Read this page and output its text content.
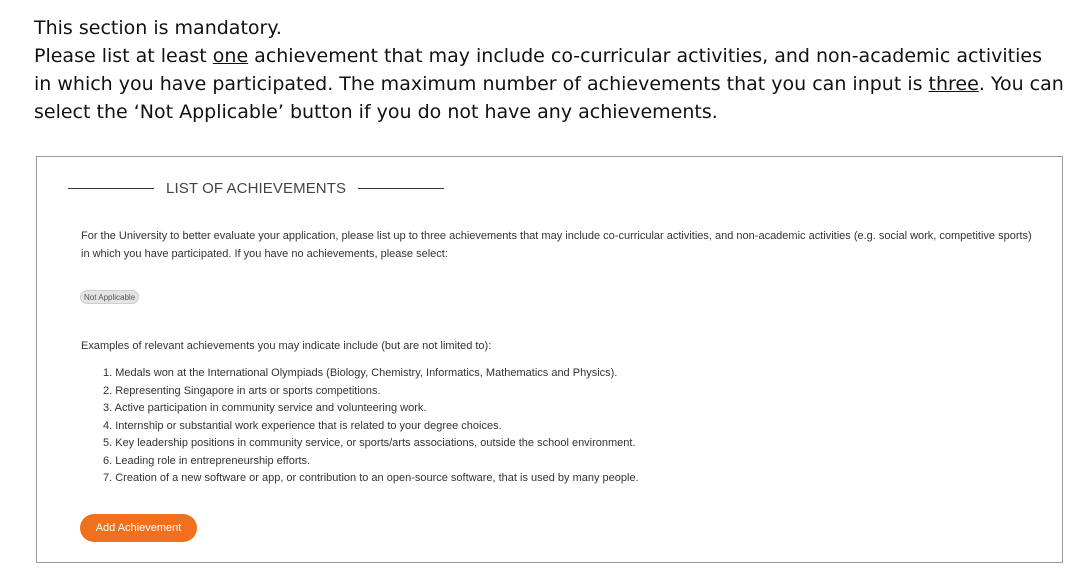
This section is mandatory.

Please list at least one achievement that may include co-curricular activities, and non-academic activities in which you have participated. The maximum number of achievements that you can input is three. You can select the ‘Not Applicable’ button if you do not have any achievements.

LIST OF ACHIEVEMENTS
For the University to better evaluate your application, please list up to three achievements that may include co-curricular activities, and non-academic activities (e.g. social work, competitive sports) in which you have participated. If you have no achievements, please select:
Not Applicable
Examples of relevant achievements you may indicate include (but are not limited to):
1. Medals won at the International Olympiads (Biology, Chemistry, Informatics, Mathematics and Physics).
2. Representing Singapore in arts or sports competitions.
3. Active participation in community service and volunteering work.
4. Internship or substantial work experience that is related to your degree choices.
5. Key leadership positions in community service, or sports/arts associations, outside the school environment.
6. Leading role in entrepreneurship efforts.
7. Creation of a new software or app, or contribution to an open-source software, that is used by many people.
Add Achievement
